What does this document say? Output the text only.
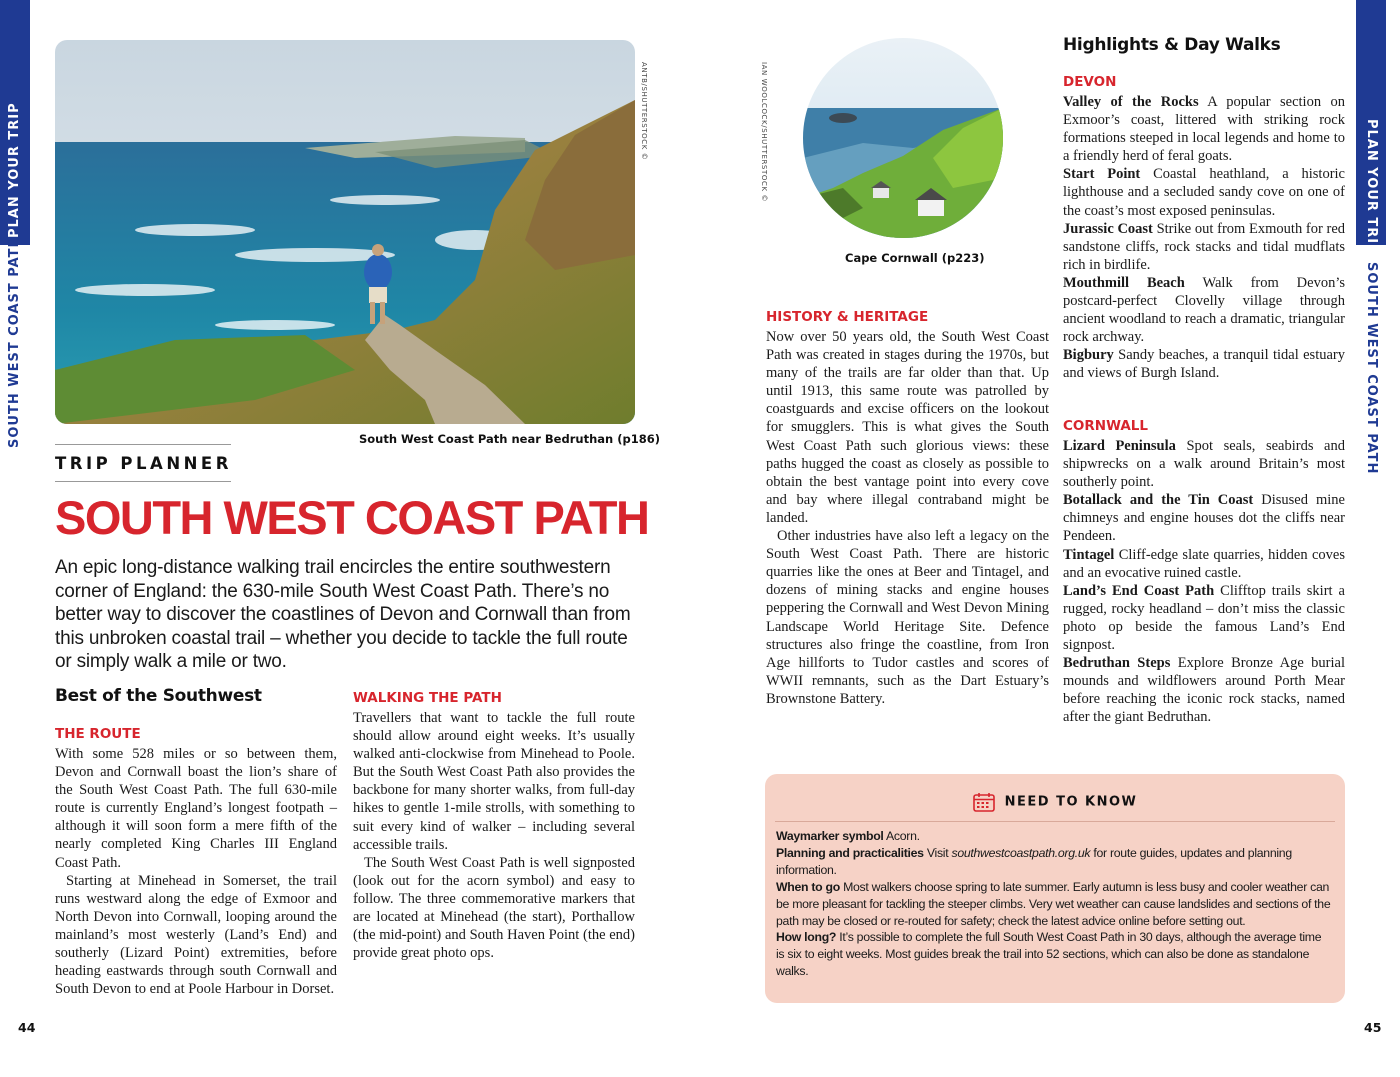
PLAN YOUR TRIP
SOUTH WEST COAST PATH
PLAN YOUR TRIP
SOUTH WEST COAST PATH
ANTB/SHUTTERSTOCK ©
South West Coast Path near Bedruthan (p186)
IAN WOOLCOCK/SHUTTERSTOCK ©
Cape Cornwall (p223)
TRIP PLANNER
SOUTH WEST COAST PATH
An epic long-distance walking trail encircles the entire southwestern corner of England: the 630-mile South West Coast Path. There’s no better way to discover the coastlines of Devon and Cornwall than from this unbroken coastal trail – whether you decide to tackle the full route or simply walk a mile or two.
Best of the Southwest
THE ROUTE

With some 528 miles or so between them, Devon and Cornwall boast the lion’s share of the South West Coast Path. The full 630-mile route is currently England’s longest footpath – although it will soon form a mere fifth of the nearly completed King Charles III England Coast Path.

Starting at Minehead in Somerset, the trail runs westward along the edge of Exmoor and North Devon into Cornwall, looping around the mainland’s most westerly (Land’s End) and southerly (Lizard Point) extremities, before heading eastwards through south Cornwall and South Devon to end at Poole Harbour in Dorset.

WALKING THE PATH

Travellers that want to tackle the full route should allow around eight weeks. It’s usually walked anti-clockwise from Minehead to Poole. But the South West Coast Path also provides the backbone for many shorter walks, from full-day hikes to gentle 1-mile strolls, with something to suit every kind of walker – including several accessible trails.

The South West Coast Path is well signposted (look out for the acorn symbol) and easy to follow. The three commemorative markers that are located at Minehead (the start), Porthallow (the mid-point) and South Haven Point (the end) provide great photo ops.

HISTORY & HERITAGE

Now over 50 years old, the South West Coast Path was created in stages during the 1970s, but many of the trails are far older than that. Up until 1913, this same route was patrolled by coastguards and excise officers on the lookout for smugglers. This is what gives the South West Coast Path such glorious views: these paths hugged the coast as closely as possible to obtain the best vantage point into every cove and bay where illegal contraband might be landed.

Other industries have also left a legacy on the South West Coast Path. There are historic quarries like the ones at Beer and Tintagel, and dozens of mining stacks and engine houses peppering the Cornwall and West Devon Mining Landscape World Heritage Site. Defence structures also fringe the coastline, from Iron Age hillforts to Tudor castles and scores of WWII remnants, such as the Dart Estuary’s Brownstone Battery.

Highlights & Day Walks
DEVON

Valley of the Rocks A popular section on Exmoor’s coast, littered with striking rock formations steeped in local legends and home to a friendly herd of feral goats.

Start Point Coastal heathland, a historic lighthouse and a secluded sandy cove on one of the coast’s most exposed peninsulas.

Jurassic Coast Strike out from Exmouth for red sandstone cliffs, rock stacks and tidal mudflats rich in birdlife.

Mouthmill Beach Walk from Devon’s postcard-perfect Clovelly village through ancient woodland to reach a dramatic, triangular rock archway.

Bigbury Sandy beaches, a tranquil tidal estuary and views of Burgh Island.

CORNWALL

Lizard Peninsula Spot seals, seabirds and shipwrecks on a walk around Britain’s most southerly point.

Botallack and the Tin Coast Disused mine chimneys and engine houses dot the cliffs near Pendeen.

Tintagel Cliff-edge slate quarries, hidden coves and an evocative ruined castle.

Land’s End Coast Path Clifftop trails skirt a rugged, rocky headland – don’t miss the classic photo op beside the famous Land’s End signpost.

Bedruthan Steps Explore Bronze Age burial mounds and wildflowers around Porth Mear before reaching the iconic rock stacks, named after the giant Bedruthan.

NEED TO KNOW

Waymarker symbol Acorn.

Planning and practicalities Visit southwestcoastpath.org.uk for route guides, updates and planning information.

When to go Most walkers choose spring to late summer. Early autumn is less busy and cooler weather can be more pleasant for tackling the steeper climbs. Very wet weather can cause landslides and sections of the path may be closed or re-routed for safety; check the latest advice online before setting out.

How long? It’s possible to complete the full South West Coast Path in 30 days, although the average time is six to eight weeks. Most guides break the trail into 52 sections, which can also be done as standalone walks.

44	45
